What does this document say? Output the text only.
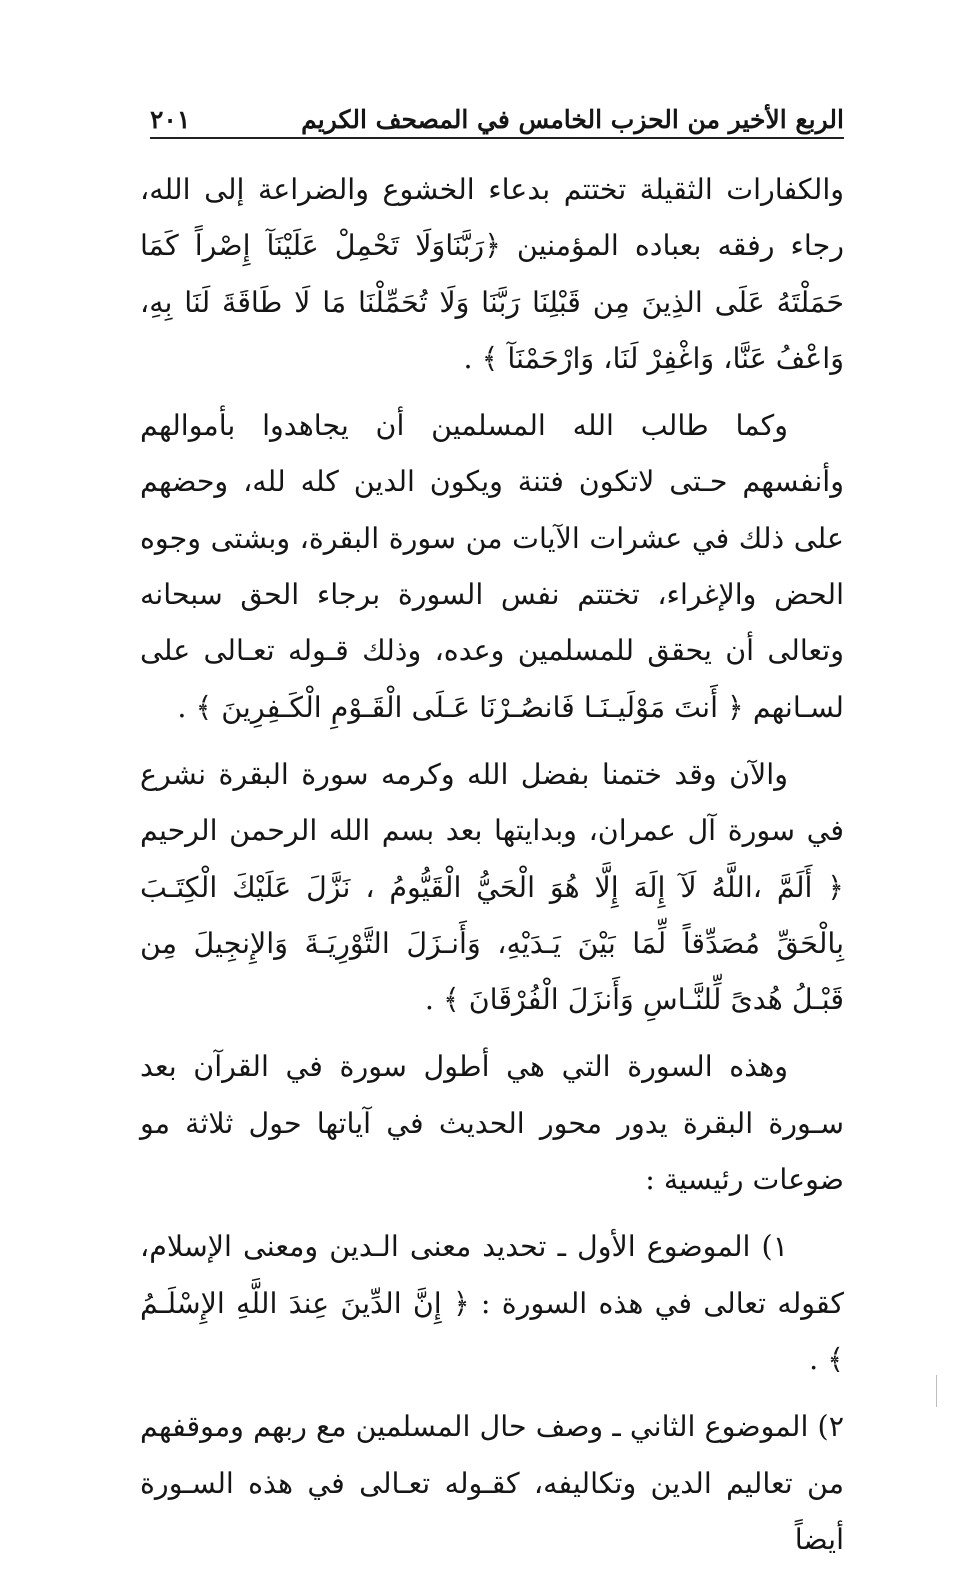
الربع الأخير من الحزب الخامس في المصحف الكريم
٢٠١

والكفارات الثقيلة تختتم بدعاء الخشوع والضراعة إلى الله، رجاء رفقه بعباده المؤمنين ﴿رَبَّنَاوَلَا تَحْمِلْ عَلَيْنَآ إِصْراً كَمَا حَمَلْتَهُ عَلَى الذِينَ مِن قَبْلِنَا رَبَّنَا وَلَا تُحَمِّلْنَا مَا لَا طَاقَةَ لَنَا بِهِ، وَاعْفُ عَنَّا، وَاغْفِرْ لَنَا، وَارْحَمْنَآ ﴾ .

وكما طالب الله المسلمين أن يجاهدوا بأموالهم وأنفسهم حـتى لاتكون فتنة ويكون الدين كله لله، وحضهم على ذلك في عشرات الآيات من سورة البقرة، وبشتى وجوه الحض والإغراء، تختتم نفس السورة برجاء الحق سبحانه وتعالى أن يحقق للمسلمين وعده، وذلك قـوله تعـالى على لسـانهم ﴿ أَنتَ مَوْلَيـنَـا فَانصُـرْنَا عَـلَى الْقَـوْمِ الْكَـفِرِينَ ﴾ .

والآن وقد ختمنا بفضل الله وكرمه سورة البقرة نشرع في سورة آل عمران، وبدايتها بعد بسم الله الرحمن الرحيم ﴿ أَلَمَّ ،اللَّهُ لَآ إِلَهَ إِلَّا هُوَ الْحَيُّ الْقَيُّومُ ، نَزَّلَ عَلَيْكَ الْكِتَـبَ بِالْحَقِّ مُصَدِّقاً لِّمَا بَيْنَ يَـدَيْهِ، وَأَنـزَلَ التَّوْرِيَـةَ وَالإِنجِيلَ مِن قَبْـلُ هُدىً لِّلنَّـاسِ وَأَنزَلَ الْفُرْقَانَ ﴾ .

وهذه السورة التي هي أطول سورة في القرآن بعد سـورة البقرة يدور محور الحديث في آياتها حول ثلاثة مو ضوعات رئيسية :

١) الموضوع الأول ـ تحديد معنى الـدين ومعنى الإسلام، كقوله تعالى في هذه السورة : ﴿ إِنَّ الدِّينَ عِندَ اللَّهِ الإِسْلَـمُ ﴾ .

٢) الموضوع الثاني ـ وصف حال المسلمين مع ربهم وموقفهم من تعاليم الدين وتكاليفه، كقـوله تعـالى في هذه السـورة أيضاً
